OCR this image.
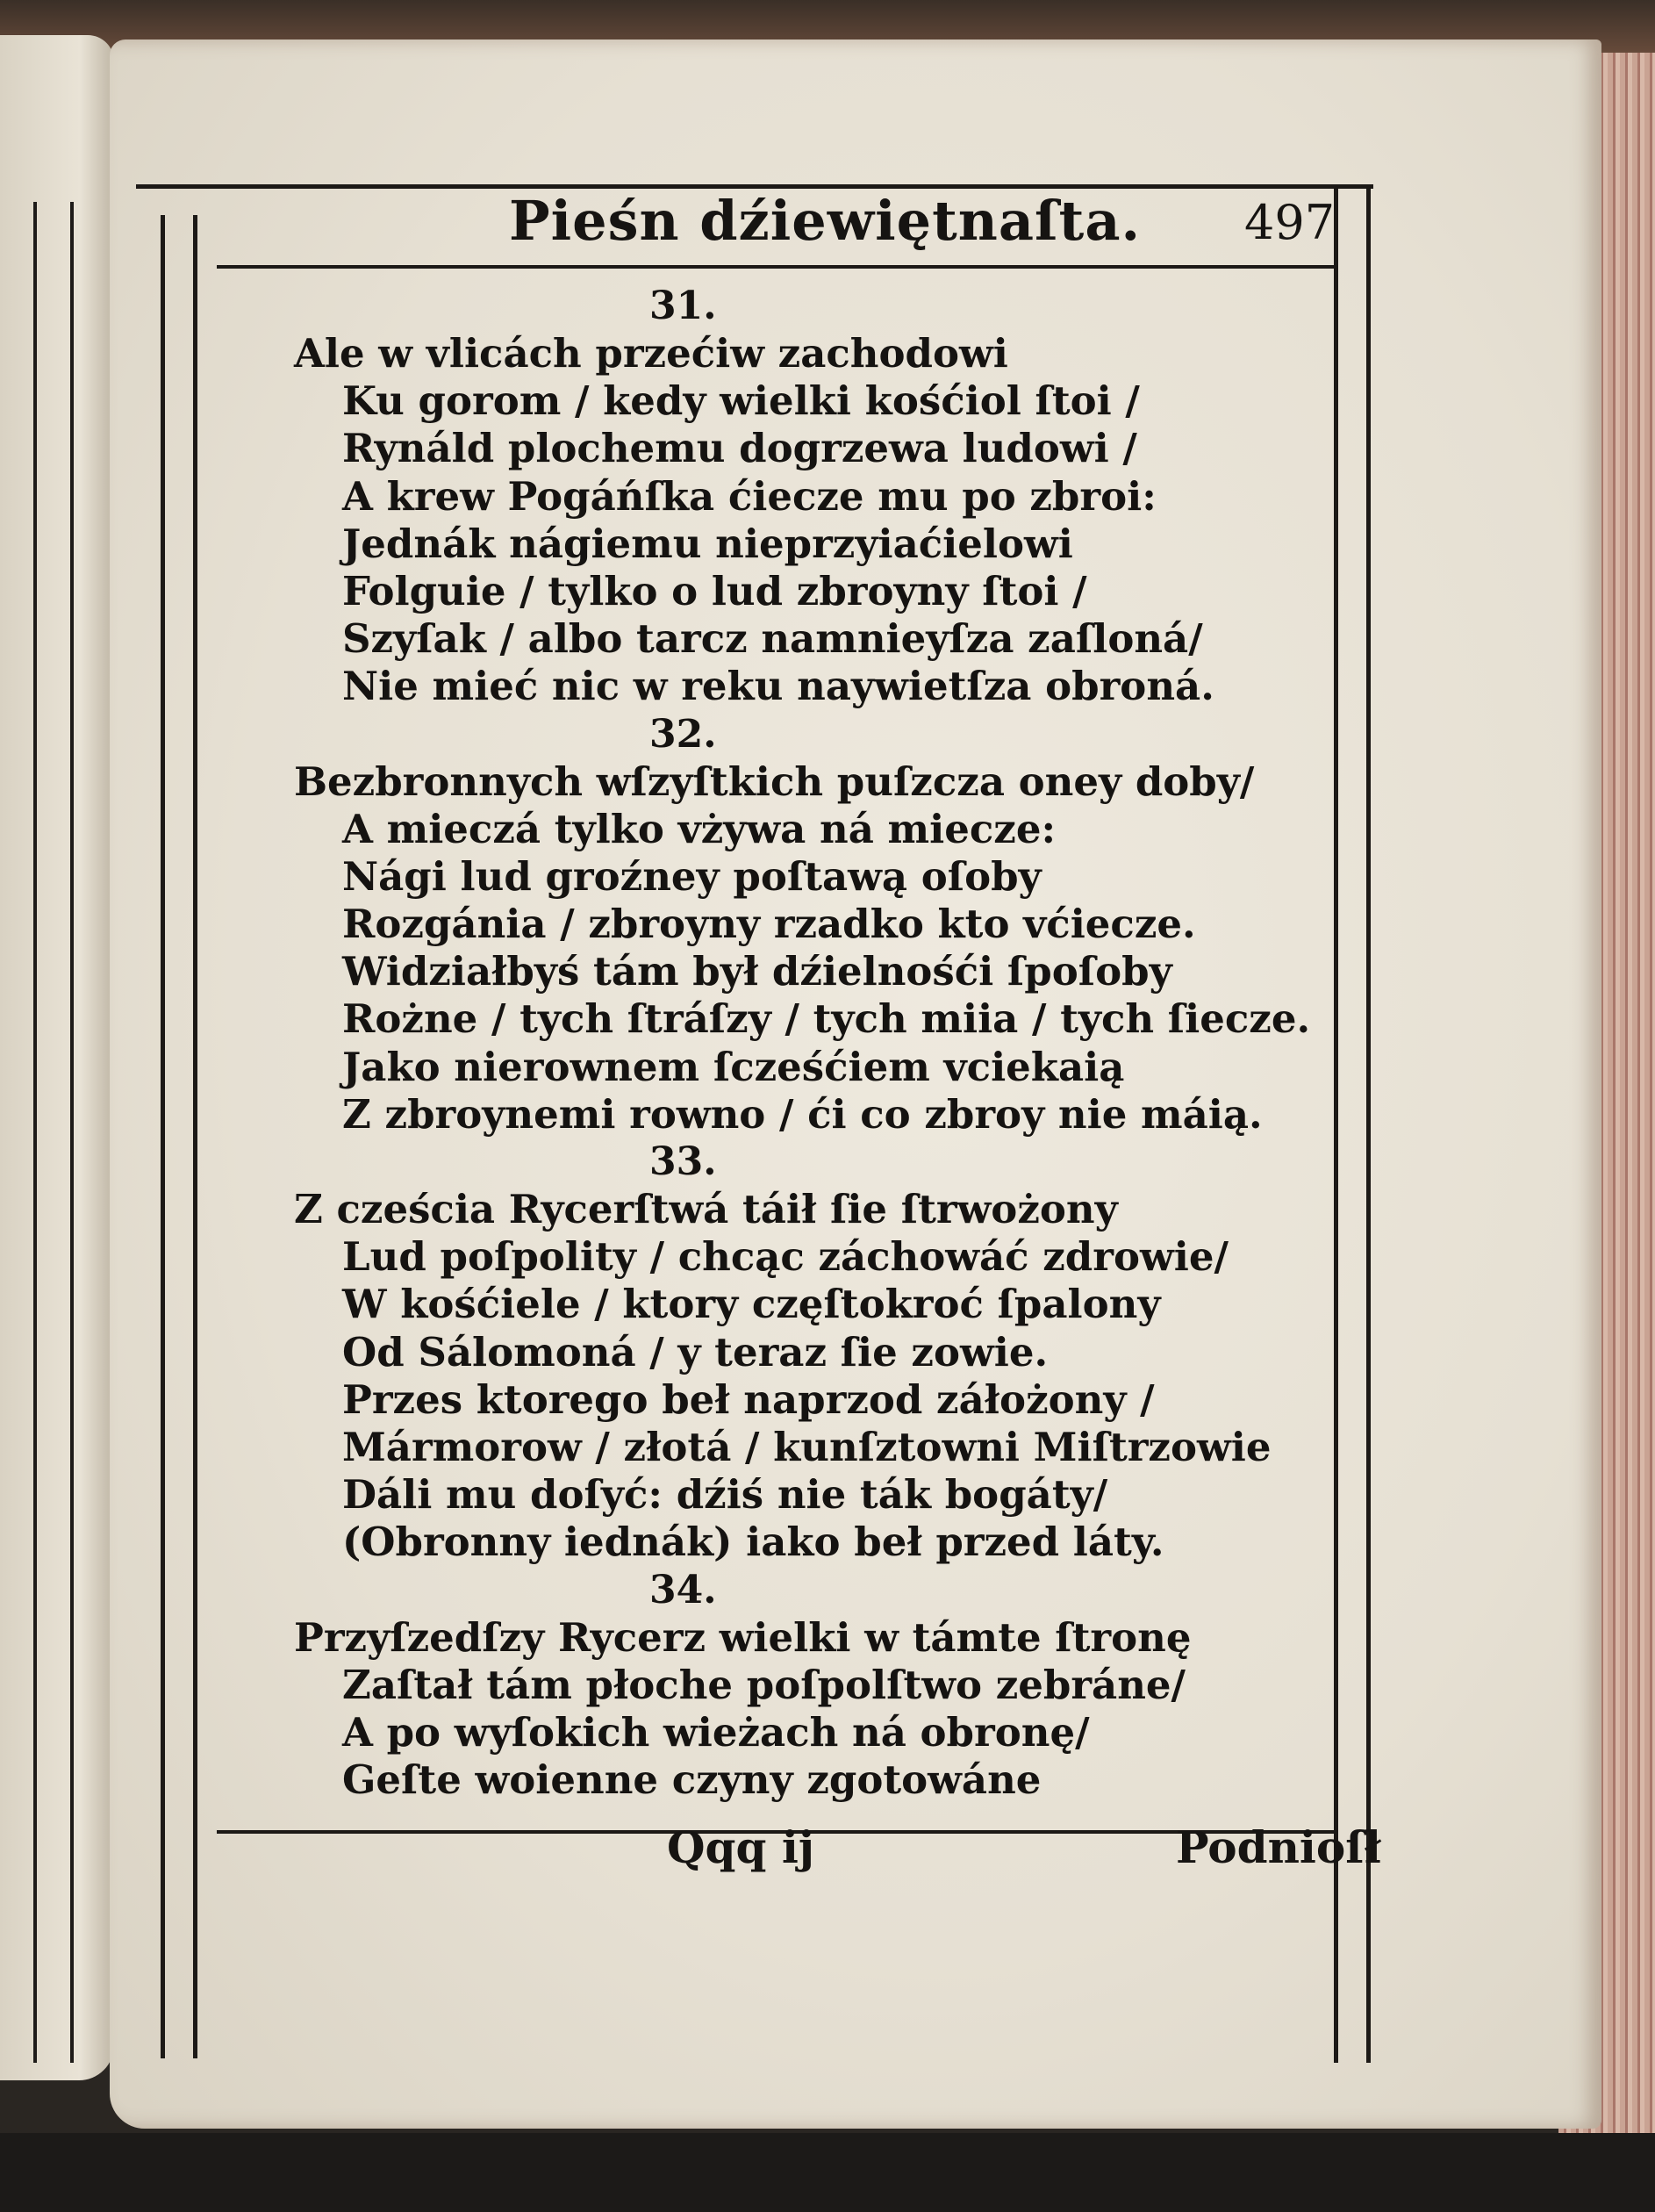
Pieśn dźiewiętnaſta. 497
31.
Ale w vlicách przećiw zachodowi
Ku gorom / kedy wielki kośćiol ſtoi /
Rynáld plochemu dogrzewa ludowi /
A krew Pogáńſka ćiecze mu po zbroi:
Jednák nágiemu nieprzyiaćielowi
Folguie / tylko o lud zbroyny ſtoi /
Szyſak / albo tarcz namnieyſza zaſloná/
Nie mieć nic w reku naywietſza obroná.
32.
Bezbronnych wſzyſtkich puſzcza oney doby/
A mieczá tylko vżywa ná miecze:
Nági lud groźney poſtawą oſoby
Rozgánia / zbroyny rzadko kto vćiecze.
Widziałbyś tám był dźielnośći ſpoſoby
Rożne / tych ſtráſzy / tych miia / tych ſiecze.
Jako nierownem ſcześćiem vciekaią
Z zbroynemi rowno / ći co zbroy nie máią.
33.
Z cześcia Rycerſtwá táił ſie ſtrwożony
Lud poſpolity / chcąc záchowáć zdrowie/
W kośćiele / ktory częſtokroć ſpalony
Od Sálomoná / y teraz ſie zowie.
Przes ktorego beł naprzod záłożony /
Mármorow / złotá / kunſztowni Miſtrzowie
Dáli mu doſyć: dźiś nie ták bogáty/
(Obronny iednák) iako beł przed láty.
34.
Przyſzedſzy Rycerz wielki w támte ſtronę
Zaſtał tám płoche poſpolſtwo zebráne/
A po wyſokich wieżach ná obronę/
Geſte woienne czyny zgotowáne
Qqq ij	Podnioſł
